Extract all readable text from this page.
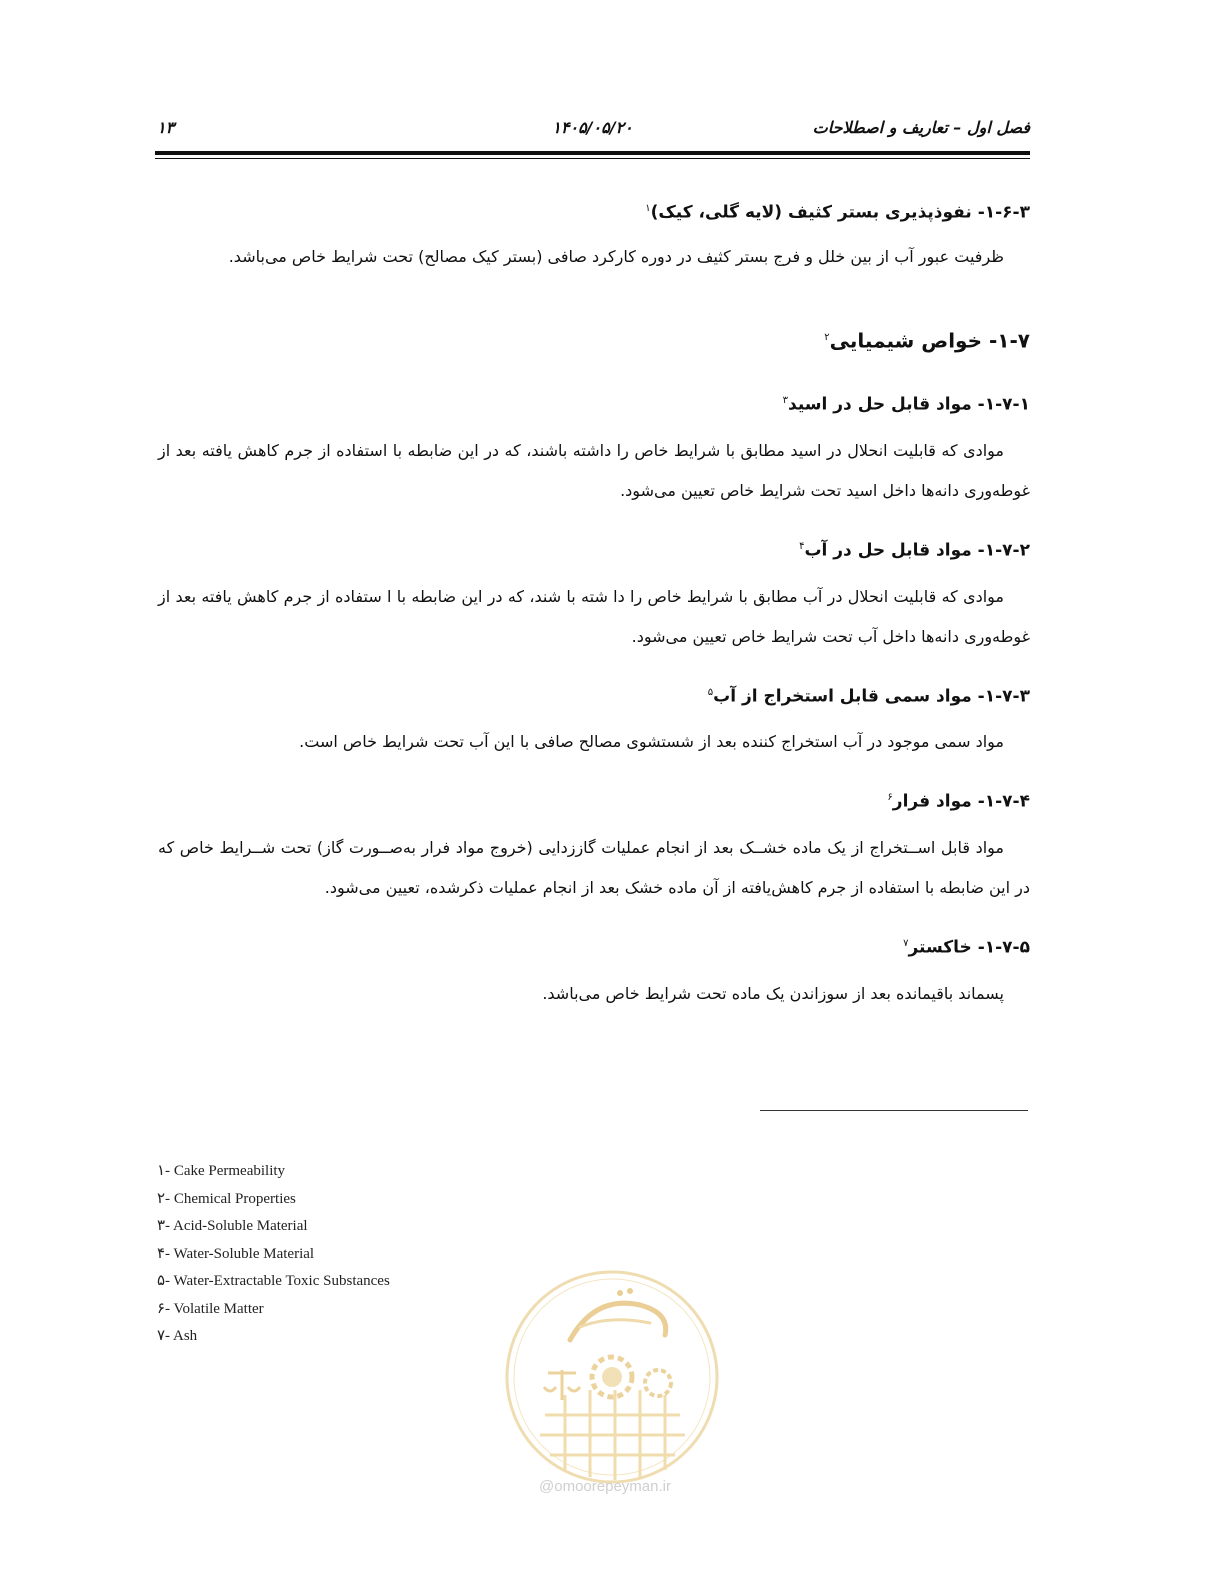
فصل اول – تعاریف و اصطلاحات
۱۴۰۵/۰۵/۲۰
۱۳
۱-۶-۳- نفوذپذیری بستر کثیف (لایه گلی، کیک)$^۱$

ظرفیت عبور آب از بین خلل و فرج بستر کثیف در دوره کارکرد صافی (بستر کیک مصالح) تحت شرایط خاص می‌باشد.

۱-۷- خواص شیمیایی$^۲$
۱-۷-۱- مواد قابل حل در اسید$^۳$

موادی که قابلیت انحلال در اسید مطابق با شرایط خاص را داشته باشند، که در این ضابطه با استفاده از جرم کاهش یافته بعد از غوطه‌وری دانه‌ها داخل اسید تحت شرایط خاص تعیین می‌شود.

۱-۷-۲- مواد قابل حل در آب$^۴$

موادی که قابلیت انحلال در آب مطابق با شرایط خاص را دا شته با شند، که در این ضابطه با ا ستفاده از جرم کاهش یافته بعد از غوطه‌وری دانه‌ها داخل آب تحت شرایط خاص تعیین می‌شود.

۱-۷-۳- مواد سمی قابل استخراج از آب$^۵$

مواد سمی موجود در آب استخراج کننده بعد از شستشوی مصالح صافی با این آب تحت شرایط خاص است.

۱-۷-۴- مواد فرار$^۶$

مواد قابل اســتخراج از یک ماده خشــک بعد از انجام عملیات گاززدایی (خروج مواد فرار به‌صــورت گاز) تحت شــرایط خاص که در این ضابطه با استفاده از جرم کاهش‌یافته از آن ماده خشک بعد از انجام عملیات ذکرشده، تعیین می‌شود.

۱-۷-۵- خاکستر$^۷$

پسماند باقیمانده بعد از سوزاندن یک ماده تحت شرایط خاص می‌باشد.

۱- Cake Permeability
۲- Chemical Properties
۳- Acid-Soluble Material
۴- Water-Soluble Material
۵- Water-Extractable Toxic Substances
۶- Volatile Matter
۷- Ash
@omoorepeyman.ir
